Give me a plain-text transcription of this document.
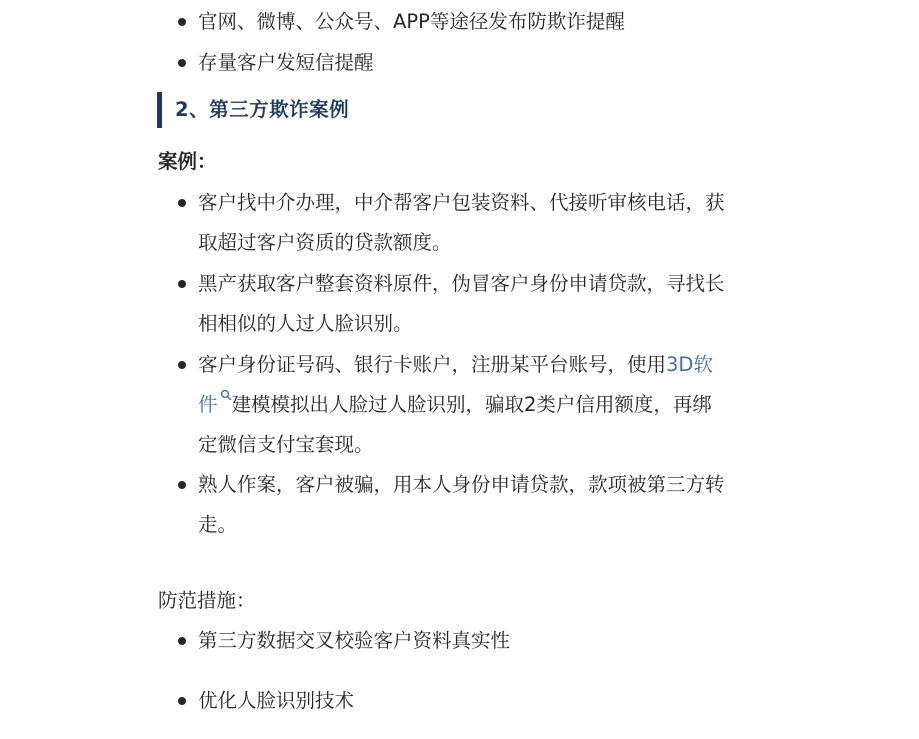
官网、微博、公众号、APP等途径发布防欺诈提醒
存量客户发短信提醒
2、第三方欺诈案例
案例：
客户找中介办理，中介帮客户包装资料、代接听审核电话，获
取超过客户资质的贷款额度。
黑产获取客户整套资料原件，伪冒客户身份申请贷款，寻找长
相相似的人过人脸识别。
客户身份证号码、银行卡账户，注册某平台账号，使用3D软
件 建模模拟出人脸过人脸识别，骗取2类户信用额度，再绑
定微信支付宝套现。
熟人作案，客户被骗，用本人身份申请贷款，款项被第三方转
走。
防范措施：
第三方数据交叉校验客户资料真实性
优化人脸识别技术
